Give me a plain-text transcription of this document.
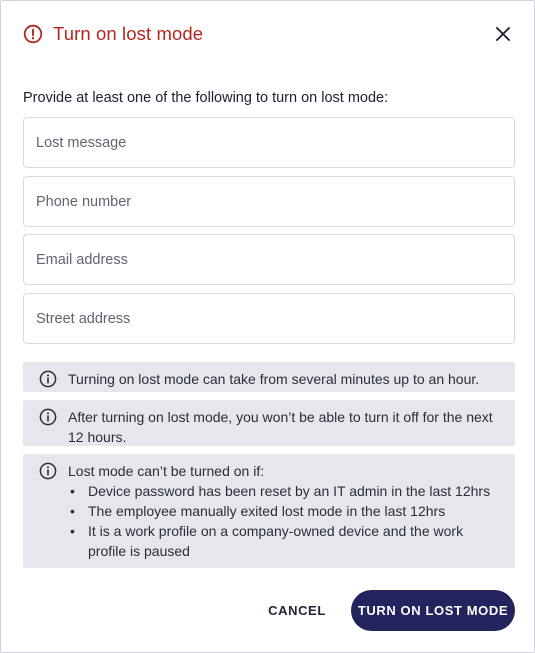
Turn on lost mode
Provide at least one of the following to turn on lost mode:
Lost message
Phone number
Email address
Street address
Turning on lost mode can take from several minutes up to an hour.
After turning on lost mode, you won’t be able to turn it off for the next 12 hours.
Lost mode can’t be turned on if:
• Device password has been reset by an IT admin in the last 12hrs
• The employee manually exited lost mode in the last 12hrs
• It is a work profile on a company-owned device and the work profile is paused
CANCEL	TURN ON LOST MODE
